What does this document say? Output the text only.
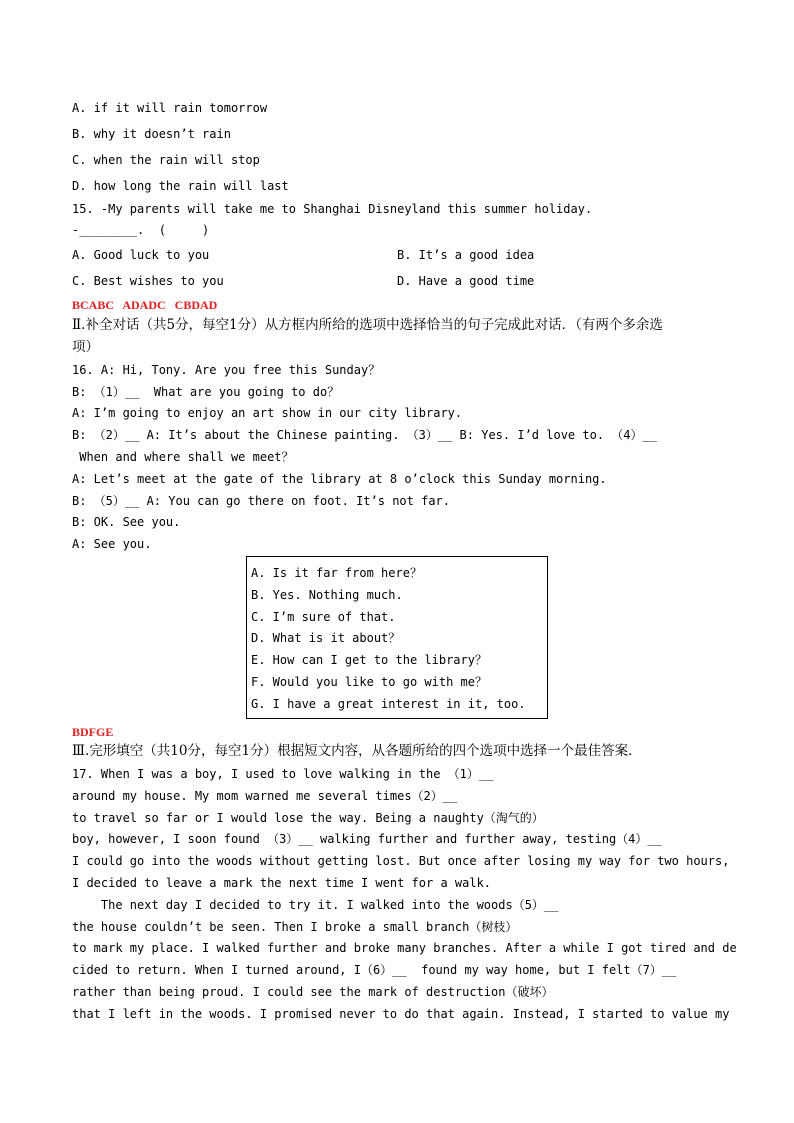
A. if it will rain tomorrow
B. why it doesn’t rain
C. when the rain will stop
D. how long the rain will last
15. -My parents will take me to Shanghai Disneyland this summer holiday.
-________.  (     )
A. Good luck to you	B. It’s a good idea
C. Best wishes to you	D. Have a good time
BCABC   ADADC   CBDAD
Ⅱ.补全对话（共5分，每空1分）从方框内所给的选项中选择恰当的句子完成此对话．（有两个多余选
项）
16. A: Hi, Tony. Are you free this Sunday？
B: （1）__  What are you going to do？
A: I’m going to enjoy an art show in our city library.
B: （2）__ A: It’s about the Chinese painting. （3）__ B: Yes. I’d love to. （4）__
When and where shall we meet？
A: Let’s meet at the gate of the library at 8 o’clock this Sunday morning.
B: （5）__ A: You can go there on foot. It’s not far.
B: OK. See you.
A: See you.
A. Is it far from here？
B. Yes. Nothing much.
C. I’m sure of that.
D. What is it about？
E. How can I get to the library？
F. Would you like to go with me？
G. I have a great interest in it, too.
BDFGE
Ⅲ.完形填空（共10分，每空1分）根据短文内容，从各题所给的四个选项中选择一个最佳答案．
17. When I was a boy, I used to love walking in the （1）__
around my house. My mom warned me several times（2）__
to travel so far or I would lose the way. Being a naughty（淘气的）
boy, however, I soon found （3）__ walking further and further away, testing（4）__
I could go into the woods without getting lost. But once after losing my way for two hours,
I decided to leave a mark the next time I went for a walk.
The next day I decided to try it. I walked into the woods（5）__
the house couldn’t be seen. Then I broke a small branch（树枝）
to mark my place. I walked further and broke many branches. After a while I got tired and de
cided to return. When I turned around, I（6）__  found my way home, but I felt（7）__
rather than being proud. I could see the mark of destruction（破坏）
that I left in the woods. I promised never to do that again. Instead, I started to value my
